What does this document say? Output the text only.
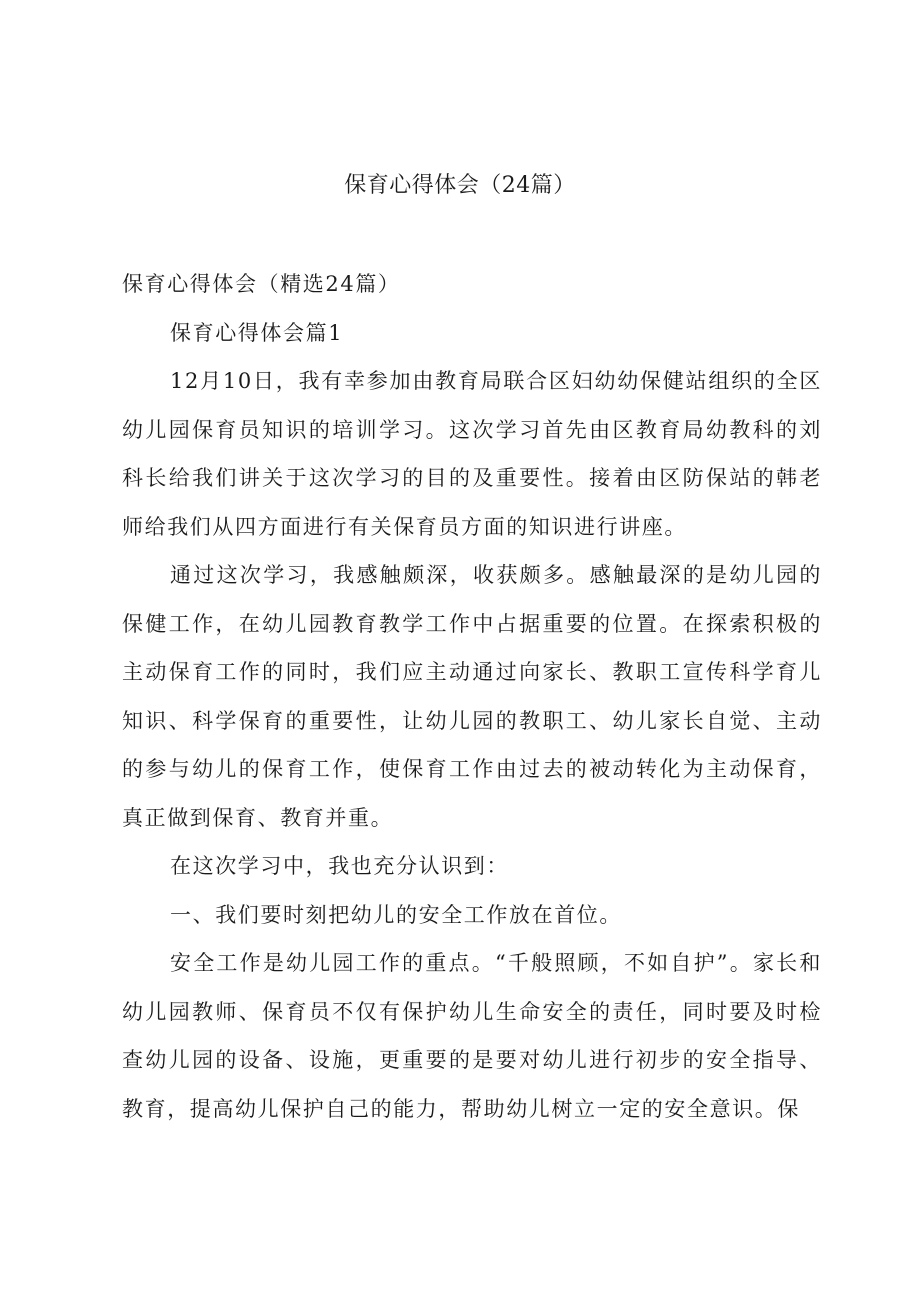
保育心得体会（24篇）

保育心得体会（精选24篇）

保育心得体会篇1

12月10日，我有幸参加由教育局联合区妇幼幼保健站组织的全区幼儿园保育员知识的培训学习。这次学习首先由区教育局幼教科的刘科长给我们讲关于这次学习的目的及重要性。接着由区防保站的韩老师给我们从四方面进行有关保育员方面的知识进行讲座。

通过这次学习，我感触颇深，收获颇多。感触最深的是幼儿园的保健工作，在幼儿园教育教学工作中占据重要的位置。在探索积极的主动保育工作的同时，我们应主动通过向家长、教职工宣传科学育儿知识、科学保育的重要性，让幼儿园的教职工、幼儿家长自觉、主动的参与幼儿的保育工作，使保育工作由过去的被动转化为主动保育，真正做到保育、教育并重。

在这次学习中，我也充分认识到：

一、我们要时刻把幼儿的安全工作放在首位。

安全工作是幼儿园工作的重点。“千般照顾，不如自护”。家长和幼儿园教师、保育员不仅有保护幼儿生命安全的责任，同时要及时检查幼儿园的设备、设施，更重要的是要对幼儿进行初步的安全指导、教育，提高幼儿保护自己的能力，帮助幼儿树立一定的安全意识。保
